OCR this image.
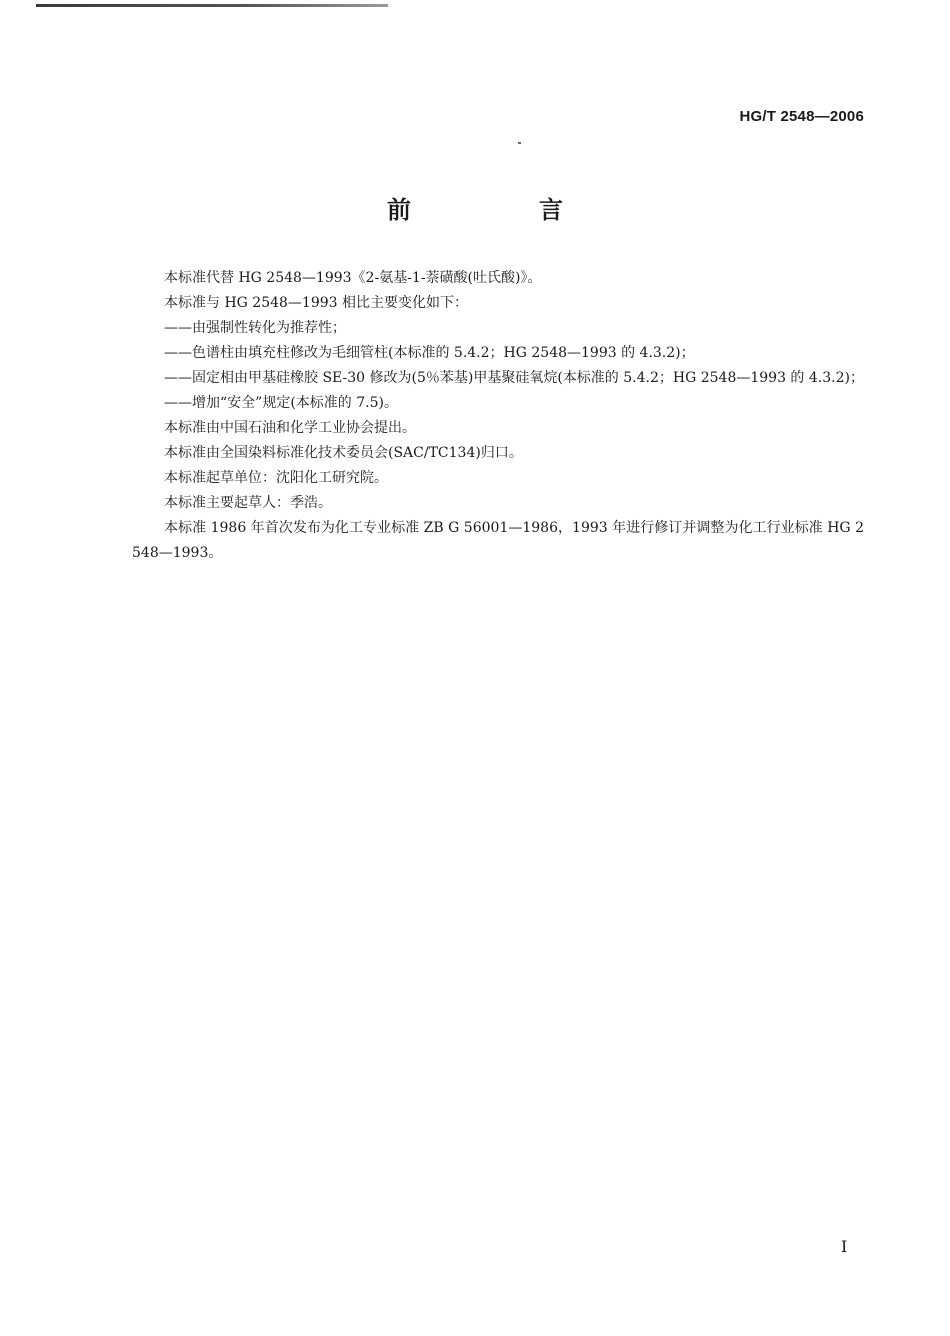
HG/T 2548—2006
前　言

本标准代替 HG 2548—1993《2-氨基-1-萘磺酸(吐氏酸)》。

本标准与 HG 2548—1993 相比主要变化如下：

——由强制性转化为推荐性；

——色谱柱由填充柱修改为毛细管柱(本标准的 5.4.2；HG 2548—1993 的 4.3.2)；

——固定相由甲基硅橡胶 SE-30 修改为(5％苯基)甲基聚硅氧烷(本标准的 5.4.2；HG 2548—1993 的 4.3.2)；

——增加“安全”规定(本标准的 7.5)。

本标准由中国石油和化学工业协会提出。

本标准由全国染料标准化技术委员会(SAC/TC134)归口。

本标准起草单位：沈阳化工研究院。

本标准主要起草人：季浩。

本标准 1986 年首次发布为化工专业标准 ZB G 56001—1986，1993 年进行修订并调整为化工行业标准 HG 2548—1993。

I
